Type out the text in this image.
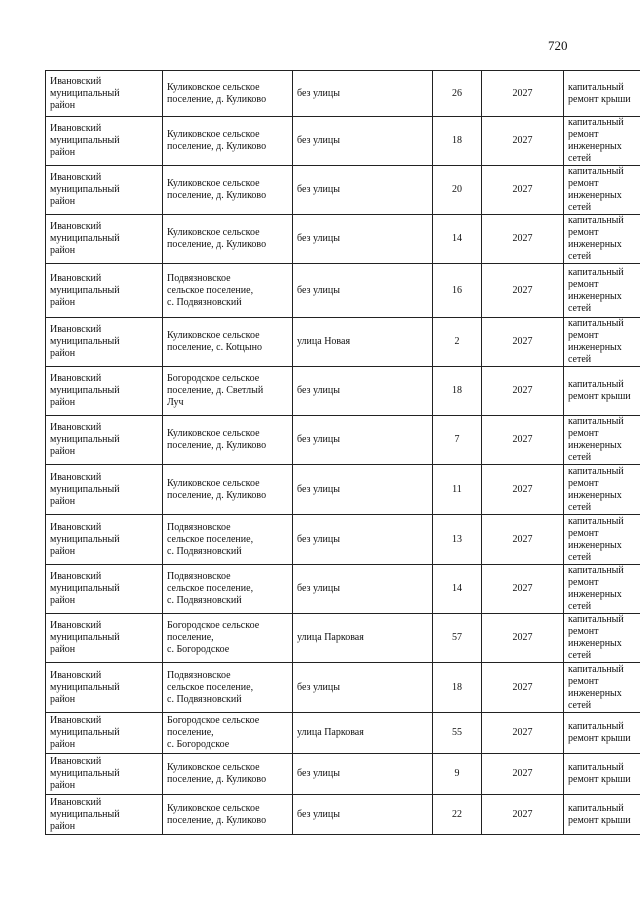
720
Ивановский
муниципальный
район	Куликовское сельское
поселение, д. Куликово	без улицы	26	2027	капитальный
ремонт крыши

Ивановский
муниципальный
район	Куликовское сельское
поселение, д. Куликово	без улицы	18	2027	капитальный
ремонт
инженерных
сетей

Ивановский
муниципальный
район	Куликовское сельское
поселение, д. Куликово	без улицы	20	2027	капитальный
ремонт
инженерных
сетей

Ивановский
муниципальный
район	Куликовское сельское
поселение, д. Куликово	без улицы	14	2027	капитальный
ремонт
инженерных
сетей

Ивановский
муниципальный
район	Подвязновское
сельское поселение,
с. Подвязновский	без улицы	16	2027	капитальный
ремонт
инженерных
сетей

Ивановский
муниципальный
район	Куликовское сельское
поселение, с. Коtцыно	улица Новая	2	2027	капитальный
ремонт
инженерных
сетей

Ивановский
муниципальный
район	Богородское сельское
поселение, д. Светлый
Луч	без улицы	18	2027	капитальный
ремонт крыши

Ивановский
муниципальный
район	Куликовское сельское
поселение, д. Куликово	без улицы	7	2027	капитальный
ремонт
инженерных
сетей

Ивановский
муниципальный
район	Куликовское сельское
поселение, д. Куликово	без улицы	11	2027	капитальный
ремонт
инженерных
сетей

Ивановский
муниципальный
район	Подвязновское
сельское поселение,
с. Подвязновский	без улицы	13	2027	капитальный
ремонт
инженерных
сетей

Ивановский
муниципальный
район	Подвязновское
сельское поселение,
с. Подвязновский	без улицы	14	2027	капитальный
ремонт
инженерных
сетей

Ивановский
муниципальный
район	Богородское сельское
поселение,
с. Богородское	улица Парковая	57	2027	капитальный
ремонт
инженерных
сетей

Ивановский
муниципальный
район	Подвязновское
сельское поселение,
с. Подвязновский	без улицы	18	2027	капитальный
ремонт
инженерных
сетей

Ивановский
муниципальный
район	Богородское сельское
поселение,
с. Богородское	улица Парковая	55	2027	капитальный
ремонт крыши

Ивановский
муниципальный
район	Куликовское сельское
поселение, д. Куликово	без улицы	9	2027	капитальный
ремонт крыши

Ивановский
муниципальный
район	Куликовское сельское
поселение, д. Куликово	без улицы	22	2027	капитальный
ремонт крыши
